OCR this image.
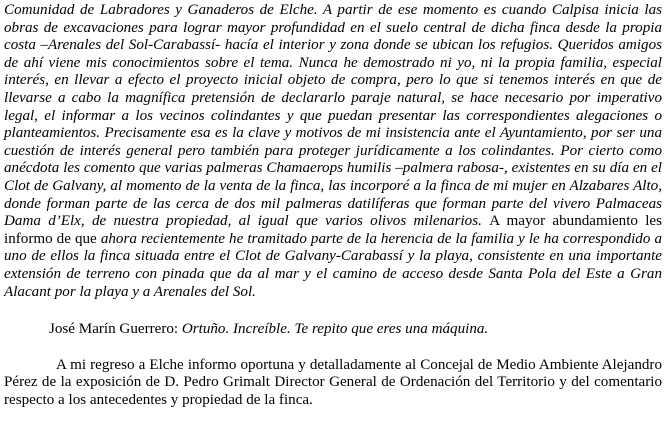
Comunidad de Labradores y Ganaderos de Elche. A partir de ese momento es cuando Calpisa inicia las obras de excavaciones para lograr mayor profundidad en el suelo central de dicha finca desde la propia costa –Arenales del Sol-Carabassí- hacía el interior y zona donde se ubican los refugios. Queridos amigos de ahí viene mis conocimientos sobre el tema. Nunca he demostrado ni yo, ni la propia familia, especial interés, en llevar a efecto el proyecto inicial objeto de compra, pero lo que si tenemos interés en que de llevarse a cabo la magnífica pretensión de declararlo paraje natural, se hace necesario por imperativo legal, el informar a los vecinos colindantes y que puedan presentar las correspondientes alegaciones o planteamientos. Precisamente esa es la clave y motivos de mi insistencia ante el Ayuntamiento, por ser una cuestión de interés general pero también para proteger jurídicamente a los colindantes. Por cierto como anécdota les comento que varias palmeras Chamaerops humilis –palmera rabosa-, existentes en su día en el Clot de Galvany, al momento de la venta de la finca, las incorporé a la finca de mi mujer en Alzabares Alto, donde forman parte de las cerca de dos mil palmeras datilíferas que forman parte del vivero Palmaceas Dama d’Elx, de nuestra propiedad, al igual que varios olivos milenarios. A mayor abundamiento les informo de que ahora recientemente he tramitado parte de la herencia de la familia y le ha correspondido a uno de ellos la finca situada entre el Clot de Galvany-Carabassí y la playa, consistente en una importante extensión de terreno con pinada que da al mar y el camino de acceso desde Santa Pola del Este a Gran Alacant por la playa y a Arenales del Sol.

José Marín Guerrero: Ortuño. Increíble. Te repito que eres una máquina.

A mi regreso a Elche informo oportuna y detalladamente al Concejal de Medio Ambiente Alejandro Pérez de la exposición de D. Pedro Grimalt Director General de Ordenación del Territorio y del comentario respecto a los antecedentes y propiedad de la finca.
